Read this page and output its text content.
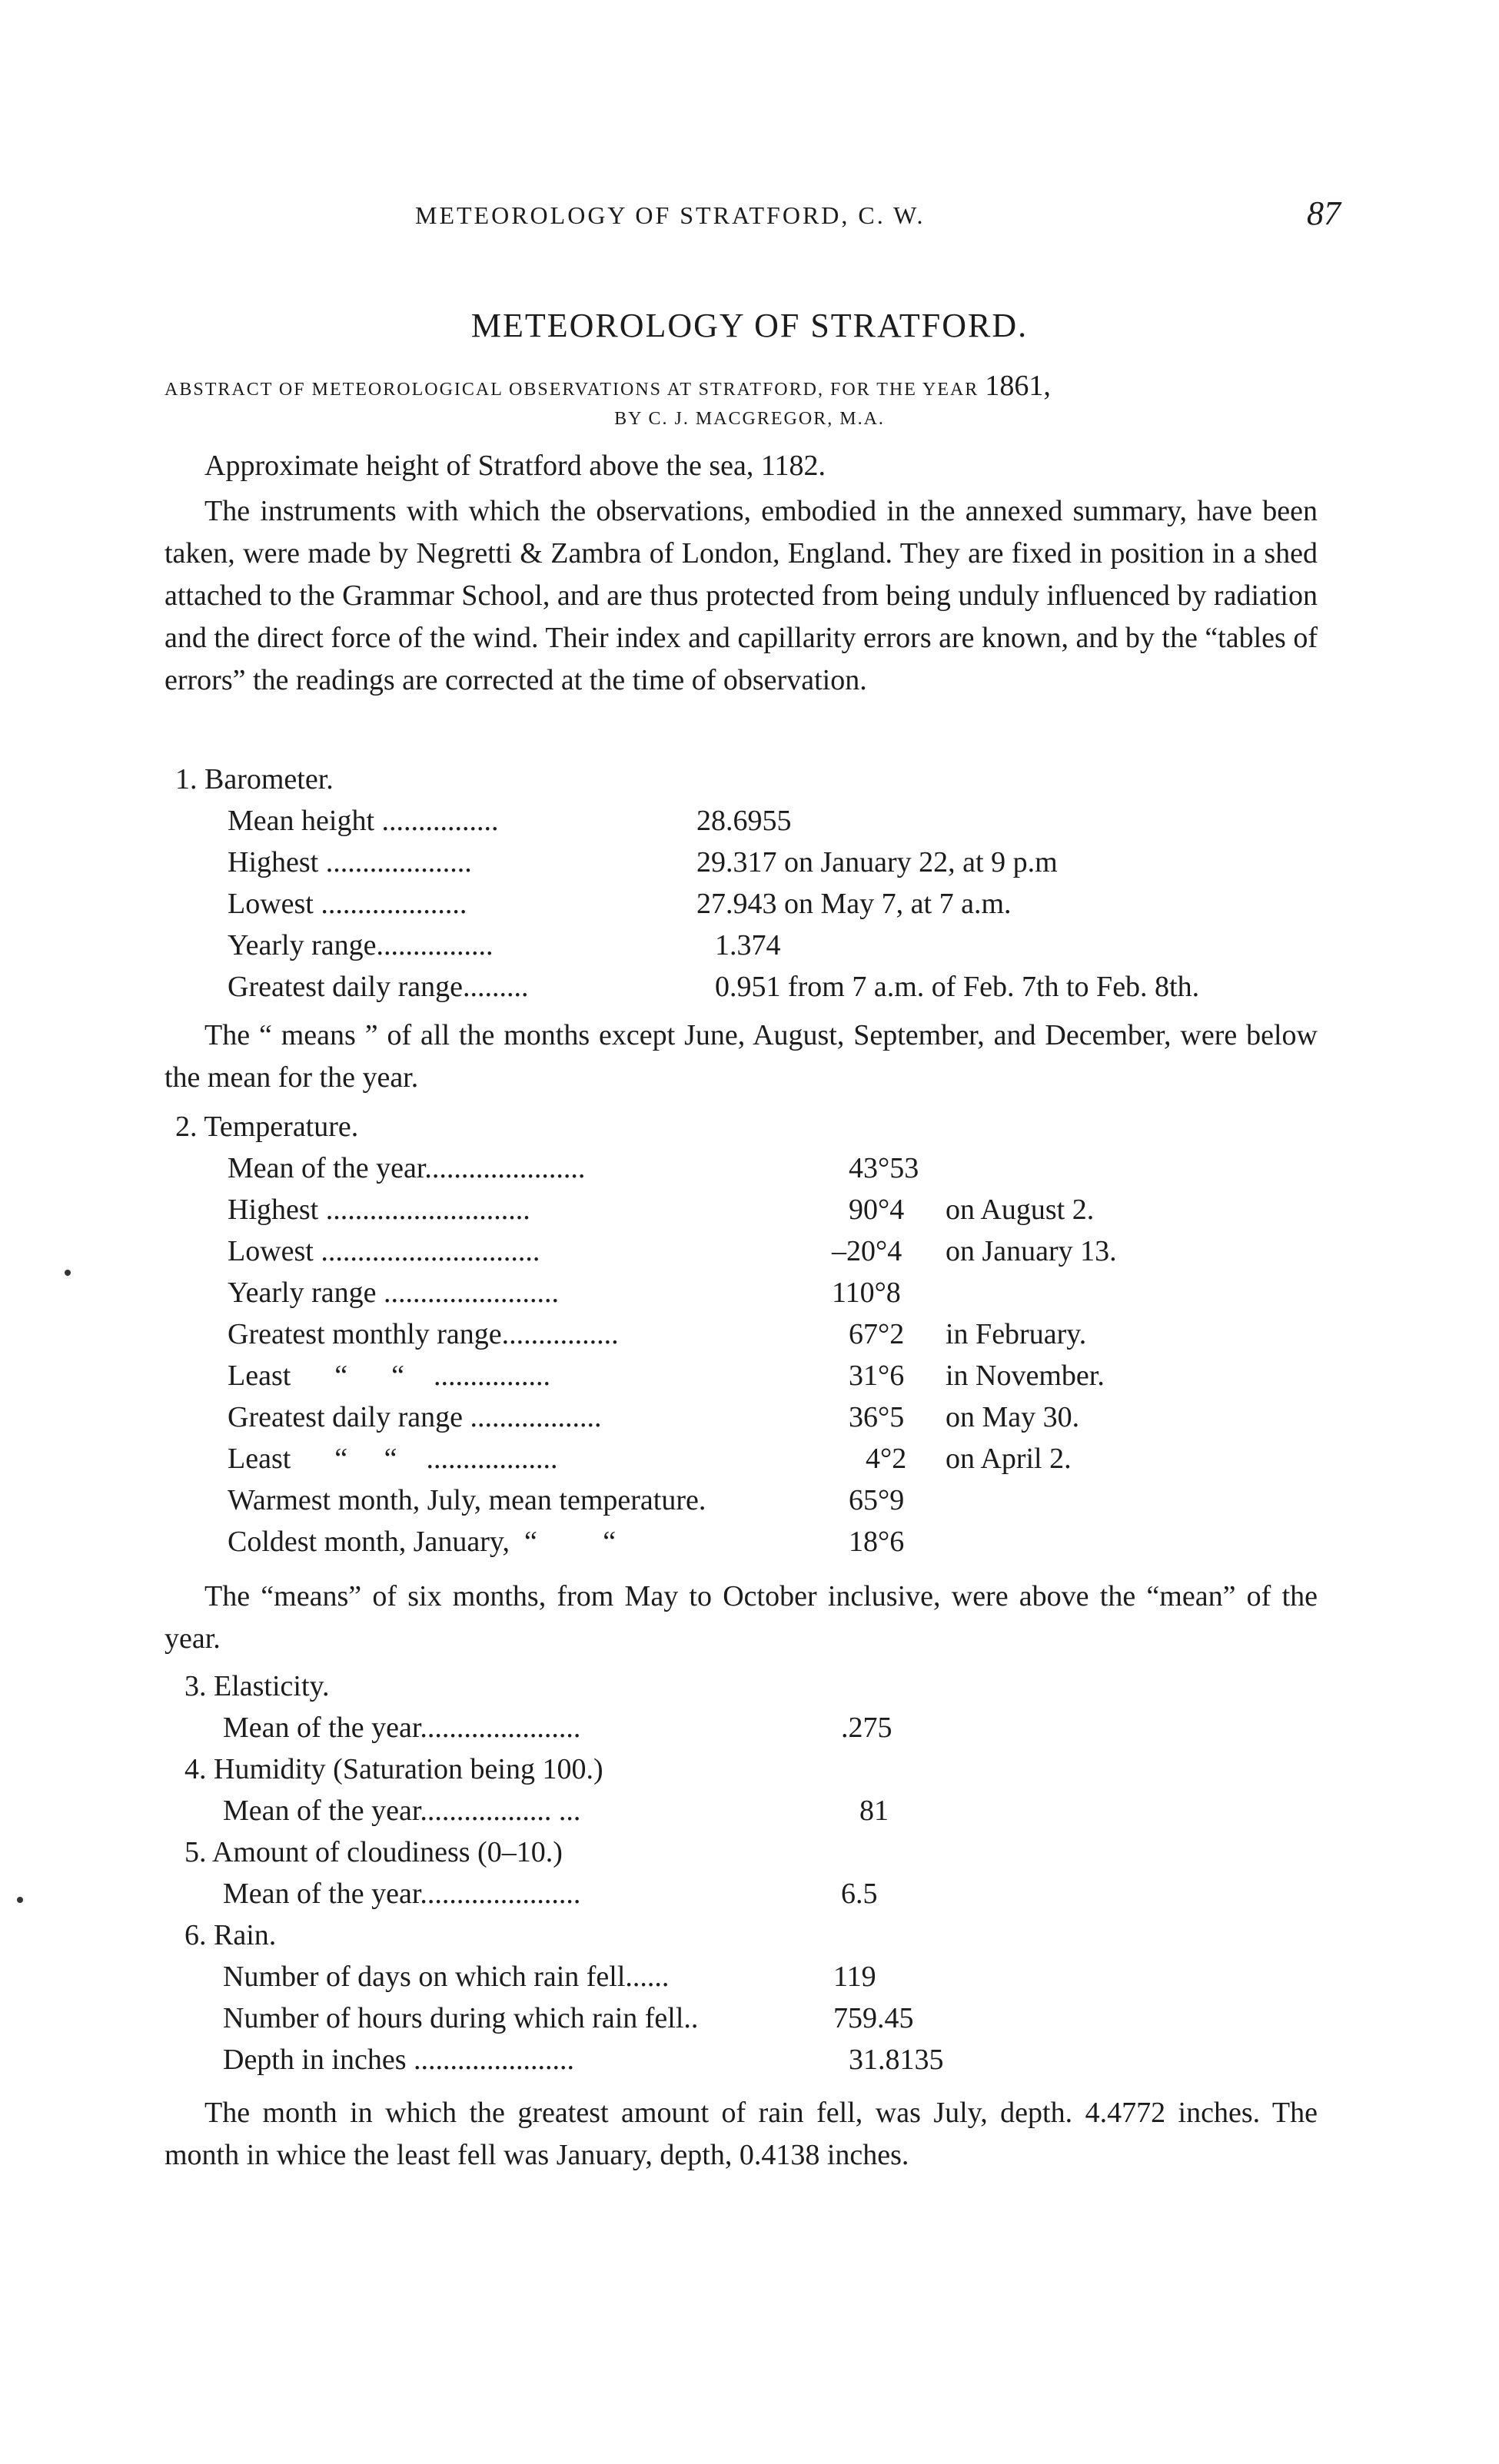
METEOROLOGY OF STRATFORD, C. W.	87
METEOROLOGY OF STRATFORD.
ABSTRACT OF METEOROLOGICAL OBSERVATIONS AT STRATFORD, FOR THE YEAR 1861,
BY C. J. MACGREGOR, M.A.
Approximate height of Stratford above the sea, 1182.
The instruments with which the observations, embodied in the annexed summary, have been taken, were made by Negretti & Zambra of London, England. They are fixed in position in a shed attached to the Grammar School, and are thus protected from being unduly influenced by radiation and the direct force of the wind. Their index and capillarity errors are known, and by the “tables of errors” the readings are corrected at the time of observation.
1. Barometer.
Mean height ................	28.6955
Highest ....................	29.317 on January 22, at 9 p.m
Lowest ....................	27.943 on May 7, at 7 a.m.
Yearly range................	1.374
Greatest daily range.........	0.951 from 7 a.m. of Feb. 7th to Feb. 8th.
The “ means ” of all the months except June, August, September, and December, were below the mean for the year.
2. Temperature.
Mean of the year......................	43°53
Highest ............................	90°4 on August 2.
Lowest ..............................	–20°4 on January 13.
Yearly range ........................	110°8
Greatest monthly range................	67°2 in February.
Least      “      “    ................	31°6 in November.
Greatest daily range ..................	36°5 on May 30.
Least      “     “    ..................	4°2 on April 2.
Warmest month, July, mean temperature.	65°9
Coldest month, January,  “         “	18°6
The “means” of six months, from May to October inclusive, were above the “mean” of the year.
3. Elasticity.
Mean of the year......................	.275
4. Humidity (Saturation being 100.)
Mean of the year.................. ...	81
5. Amount of cloudiness (0–10.)
Mean of the year......................	6.5
6. Rain.
Number of days on which rain fell......	119
Number of hours during which rain fell..	759.45
Depth in inches ......................	31.8135
The month in which the greatest amount of rain fell, was July, depth. 4.4772 inches. The month in whice the least fell was January, depth, 0.4138 inches.
